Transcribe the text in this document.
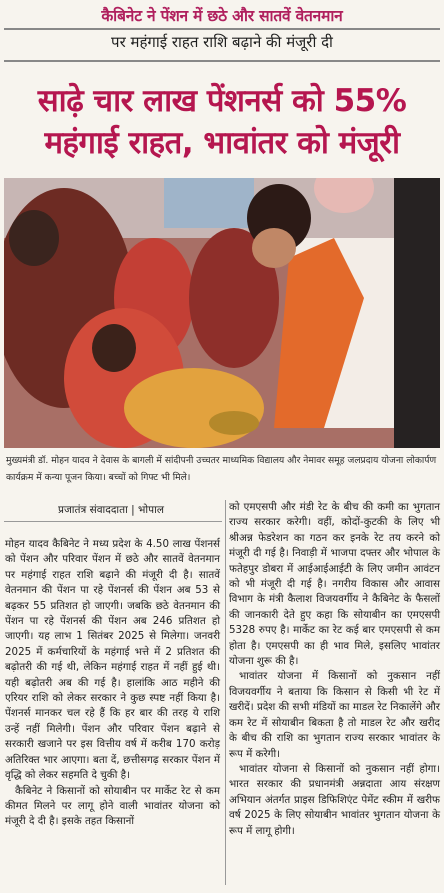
कैबिनेट ने पेंशन में छठे और सातवें वेतनमान
पर महंगाई राहत राशि बढ़ाने की मंजूरी दी
साढ़े चार लाख पेंशनर्स को 55%
महंगाई राहत, भावांतर को मंजूरी
मुख्यमंत्री डॉ. मोहन यादव ने देवास के बागली में सांदीपनी उच्चतर माध्यमिक विद्यालय और नेमावर समूह जलप्रदाय योजना लोकार्पण कार्यक्रम में कन्या पूजन किया। बच्चों को गिफ्ट भी मिले।
प्रजातंत्र संवाददाता | भोपाल

मोहन यादव कैबिनेट ने मध्य प्रदेश के 4.50 लाख पेंशनर्स को पेंशन और परिवार पेंशन में छठे और सातवें वेतनमान पर महंगाई राहत राशि बढ़ाने की मंजूरी दी है। सातवें वेतनमान की पेंशन पा रहे पेंशनर्स की पेंशन अब 53 से बढ़कर 55 प्रतिशत हो जाएगी। जबकि छठे वेतनमान की पेंशन पा रहे पेंशनर्स की पेंशन अब 246 प्रतिशत हो जाएगी। यह लाभ 1 सितंबर 2025 से मिलेगा। जनवरी 2025 में कर्मचारियों के महंगाई भत्ते में 2 प्रतिशत की बढ़ोतरी की गई थी, लेकिन महंगाई राहत में नहीं हुई थी। यही बढ़ोतरी अब की गई है। हालांकि आठ महीने की एरियर राशि को लेकर सरकार ने कुछ स्पष्ट नहीं किया है। पेंशनर्स मानकर चल रहे हैं कि हर बार की तरह ये राशि उन्हें नहीं मिलेगी। पेंशन और परिवार पेंशन बढ़ाने से सरकारी खजाने पर इस वित्तीय वर्ष में करीब 170 करोड़ अतिरिक्त भार आएगा। बता दें, छत्तीसगढ़ सरकार पेंशन में वृद्धि को लेकर सहमति दे चुकी है।

कैबिनेट ने किसानों को सोयाबीन पर मार्केट रेट से कम कीमत मिलने पर लागू होने वाली भावांतर योजना को मंजूरी दे दी है। इसके तहत किसानों

को एमएसपी और मंडी रेट के बीच की कमी का भुगतान राज्य सरकार करेगी। वहीं, कोदों-कुटकी के लिए भी श्रीअन्न फेडरेशन का गठन कर इनके रेट तय करने को मंजूरी दी गई है। निवाड़ी में भाजपा दफ्तर और भोपाल के फतेहपुर डोबरा में आईआईआईटी के लिए जमीन आवंटन को भी मंजूरी दी गई है। नगरीय विकास और आवास विभाग के मंत्री कैलाश विजयवर्गीय ने कैबिनेट के फैसलों की जानकारी देते हुए कहा कि सोयाबीन का एमएसपी 5328 रुपए है। मार्केट का रेट कई बार एमएसपी से कम होता है। एमएसपी का ही भाव मिले, इसलिए भावांतर योजना शुरू की है।

भावांतर योजना में किसानों को नुकसान नहीं विजयवर्गीय ने बताया कि किसान से किसी भी रेट में खरीदें। प्रदेश की सभी मंडियों का माडल रेट निकालेंगे और कम रेट में सोयाबीन बिकता है तो माडल रेट और खरीद के बीच की राशि का भुगतान राज्य सरकार भावांतर के रूप में करेगी।

भावांतर योजना से किसानों को नुकसान नहीं होगा। भारत सरकार की प्रधानमंत्री अन्नदाता आय संरक्षण अभियान अंतर्गत प्राइस डिफिशिएंट पेमेंट स्कीम में खरीफ वर्ष 2025 के लिए सोयाबीन भावांतर भुगतान योजना के रूप में लागू होगी।
